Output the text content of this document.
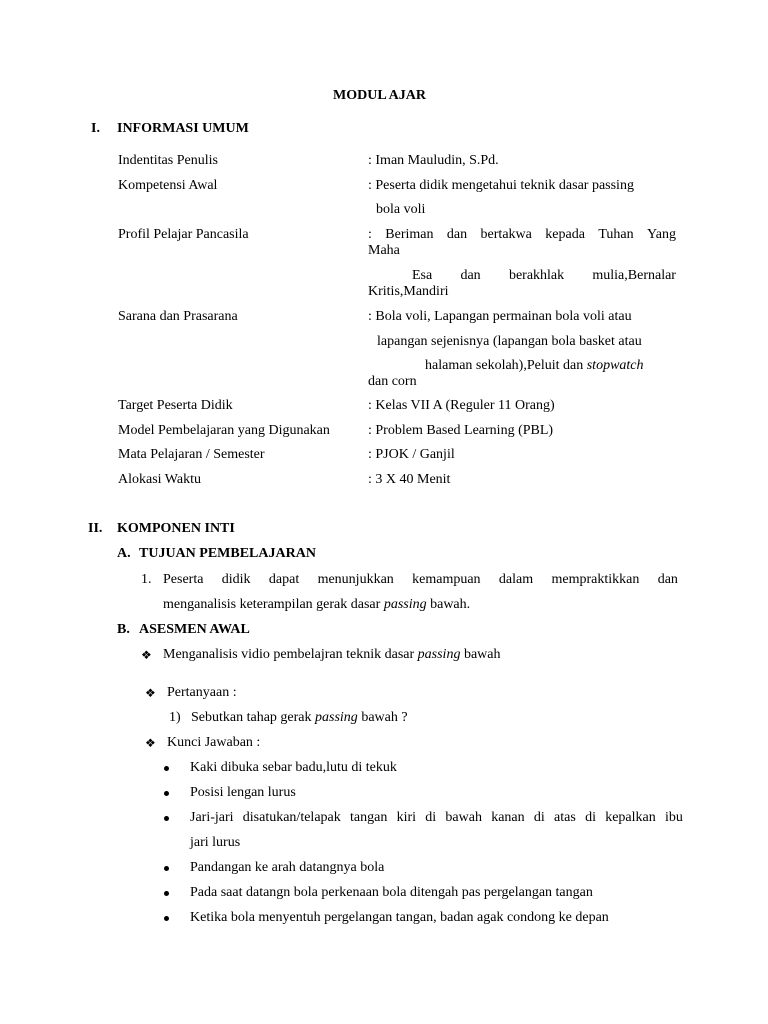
MODUL AJAR
I. INFORMASI UMUM
Indentitas Penulis	: Iman Mauludin, S.Pd.
Kompetensi Awal	: Peserta didik mengetahui teknik dasar passing
bola voli
Profil Pelajar Pancasila	: Beriman dan bertakwa kepada Tuhan Yang
Maha
Esa dan berakhlak mulia,Bernalar
Kritis,Mandiri
Sarana dan Prasarana	: Bola voli, Lapangan permainan bola voli atau
lapangan sejenisnya (lapangan bola basket atau
halaman sekolah),Peluit dan stopwatch
dan corn
Target Peserta Didik	: Kelas VII A (Reguler 11 Orang)
Model Pembelajaran yang Digunakan	: Problem Based Learning (PBL)
Mata Pelajaran / Semester	: PJOK / Ganjil
Alokasi Waktu	: 3 X 40 Menit
II. KOMPONEN INTI
A. TUJUAN PEMBELAJARAN
1. Peserta didik dapat menunjukkan kemampuan dalam mempraktikkan dan
menganalisis keterampilan gerak dasar passing bawah.
B. ASESMEN AWAL
❖ Menganalisis vidio pembelajran teknik dasar passing bawah
❖ Pertanyaan :
1) Sebutkan tahap gerak passing bawah ?
❖ Kunci Jawaban :
Kaki dibuka sebar badu,lutu di tekuk
Posisi lengan lurus
Jari-jari disatukan/telapak tangan kiri di bawah kanan di atas di kepalkan ibu
jari lurus
Pandangan ke arah datangnya bola
Pada saat datangn bola perkenaan bola ditengah pas pergelangan tangan
Ketika bola menyentuh pergelangan tangan, badan agak condong ke depan
